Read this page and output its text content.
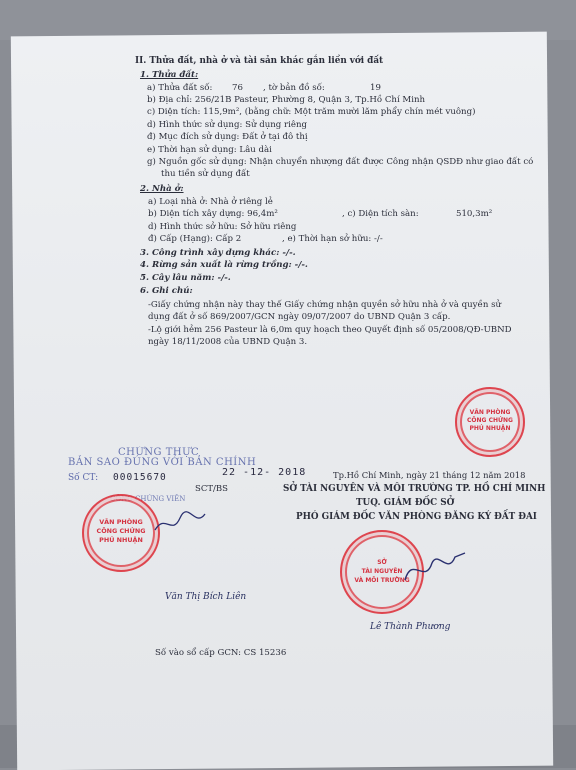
II. Thửa đất, nhà ở và tài sản khác gắn liền với đất
1. Thửa đất:
a) Thửa đất số: 76 , tờ bản đồ số:	19
b) Địa chỉ: 256/21B Pasteur, Phường 8, Quận 3, Tp.Hồ Chí Minh
c) Diện tích: 115,9m², (bằng chữ: Một trăm mười lăm phẩy chín mét vuông)
d) Hình thức sử dụng: Sử dụng riêng
đ) Mục đích sử dụng: Đất ở tại đô thị
e) Thời hạn sử dụng: Lâu dài
g) Nguồn gốc sử dụng: Nhận chuyển nhượng đất được Công nhận QSDĐ như giao đất có
thu tiền sử dụng đất
2. Nhà ở:
a) Loại nhà ở: Nhà ở riêng lẻ
b) Diện tích xây dựng: 96,4m²	, c) Diện tích sàn:	510,3m²
d) Hình thức sở hữu: Sở hữu riêng
đ) Cấp (Hạng): Cấp 2	, e) Thời hạn sở hữu: -/-
3. Công trình xây dựng khác: -/-.
4. Rừng sản xuất là rừng trồng: -/-.
5. Cây lâu năm: -/-.
6. Ghi chú:
-Giấy chứng nhận này thay thế Giấy chứng nhận quyền sở hữu nhà ở và quyền sử
dụng đất ở số 869/2007/GCN ngày 09/07/2007 do UBND Quận 3 cấp.
-Lộ giới hẻm 256 Pasteur là 6,0m quy hoạch theo Quyết định số 05/2008/QĐ-UBND
ngày 18/11/2008 của UBND Quận 3.
VĂN PHÒNG
CÔNG CHỨNG
PHÚ NHUẬN
CHỨNG THỰC
BẢN SAO ĐÚNG VỚI BẢN CHÍNH
22 -12- 2018
Số CT: 00015670
SCT/BS
CÔNG CHỨNG VIÊN
Tp.Hồ Chí Minh, ngày 21 tháng 12 năm 2018
SỞ TÀI NGUYÊN VÀ MÔI TRƯỜNG TP. HỒ CHÍ MINH
TUQ. GIÁM ĐỐC SỞ
PHÓ GIÁM ĐỐC VĂN PHÒNG ĐĂNG KÝ ĐẤT ĐAI
VĂN PHÒNG
CÔNG CHỨNG
PHÚ NHUẬN
SỞ
TÀI NGUYÊN
VÀ MÔI TRƯỜNG
Văn Thị Bích Liên
Lê Thành Phương
Số vào sổ cấp GCN: CS 15236
